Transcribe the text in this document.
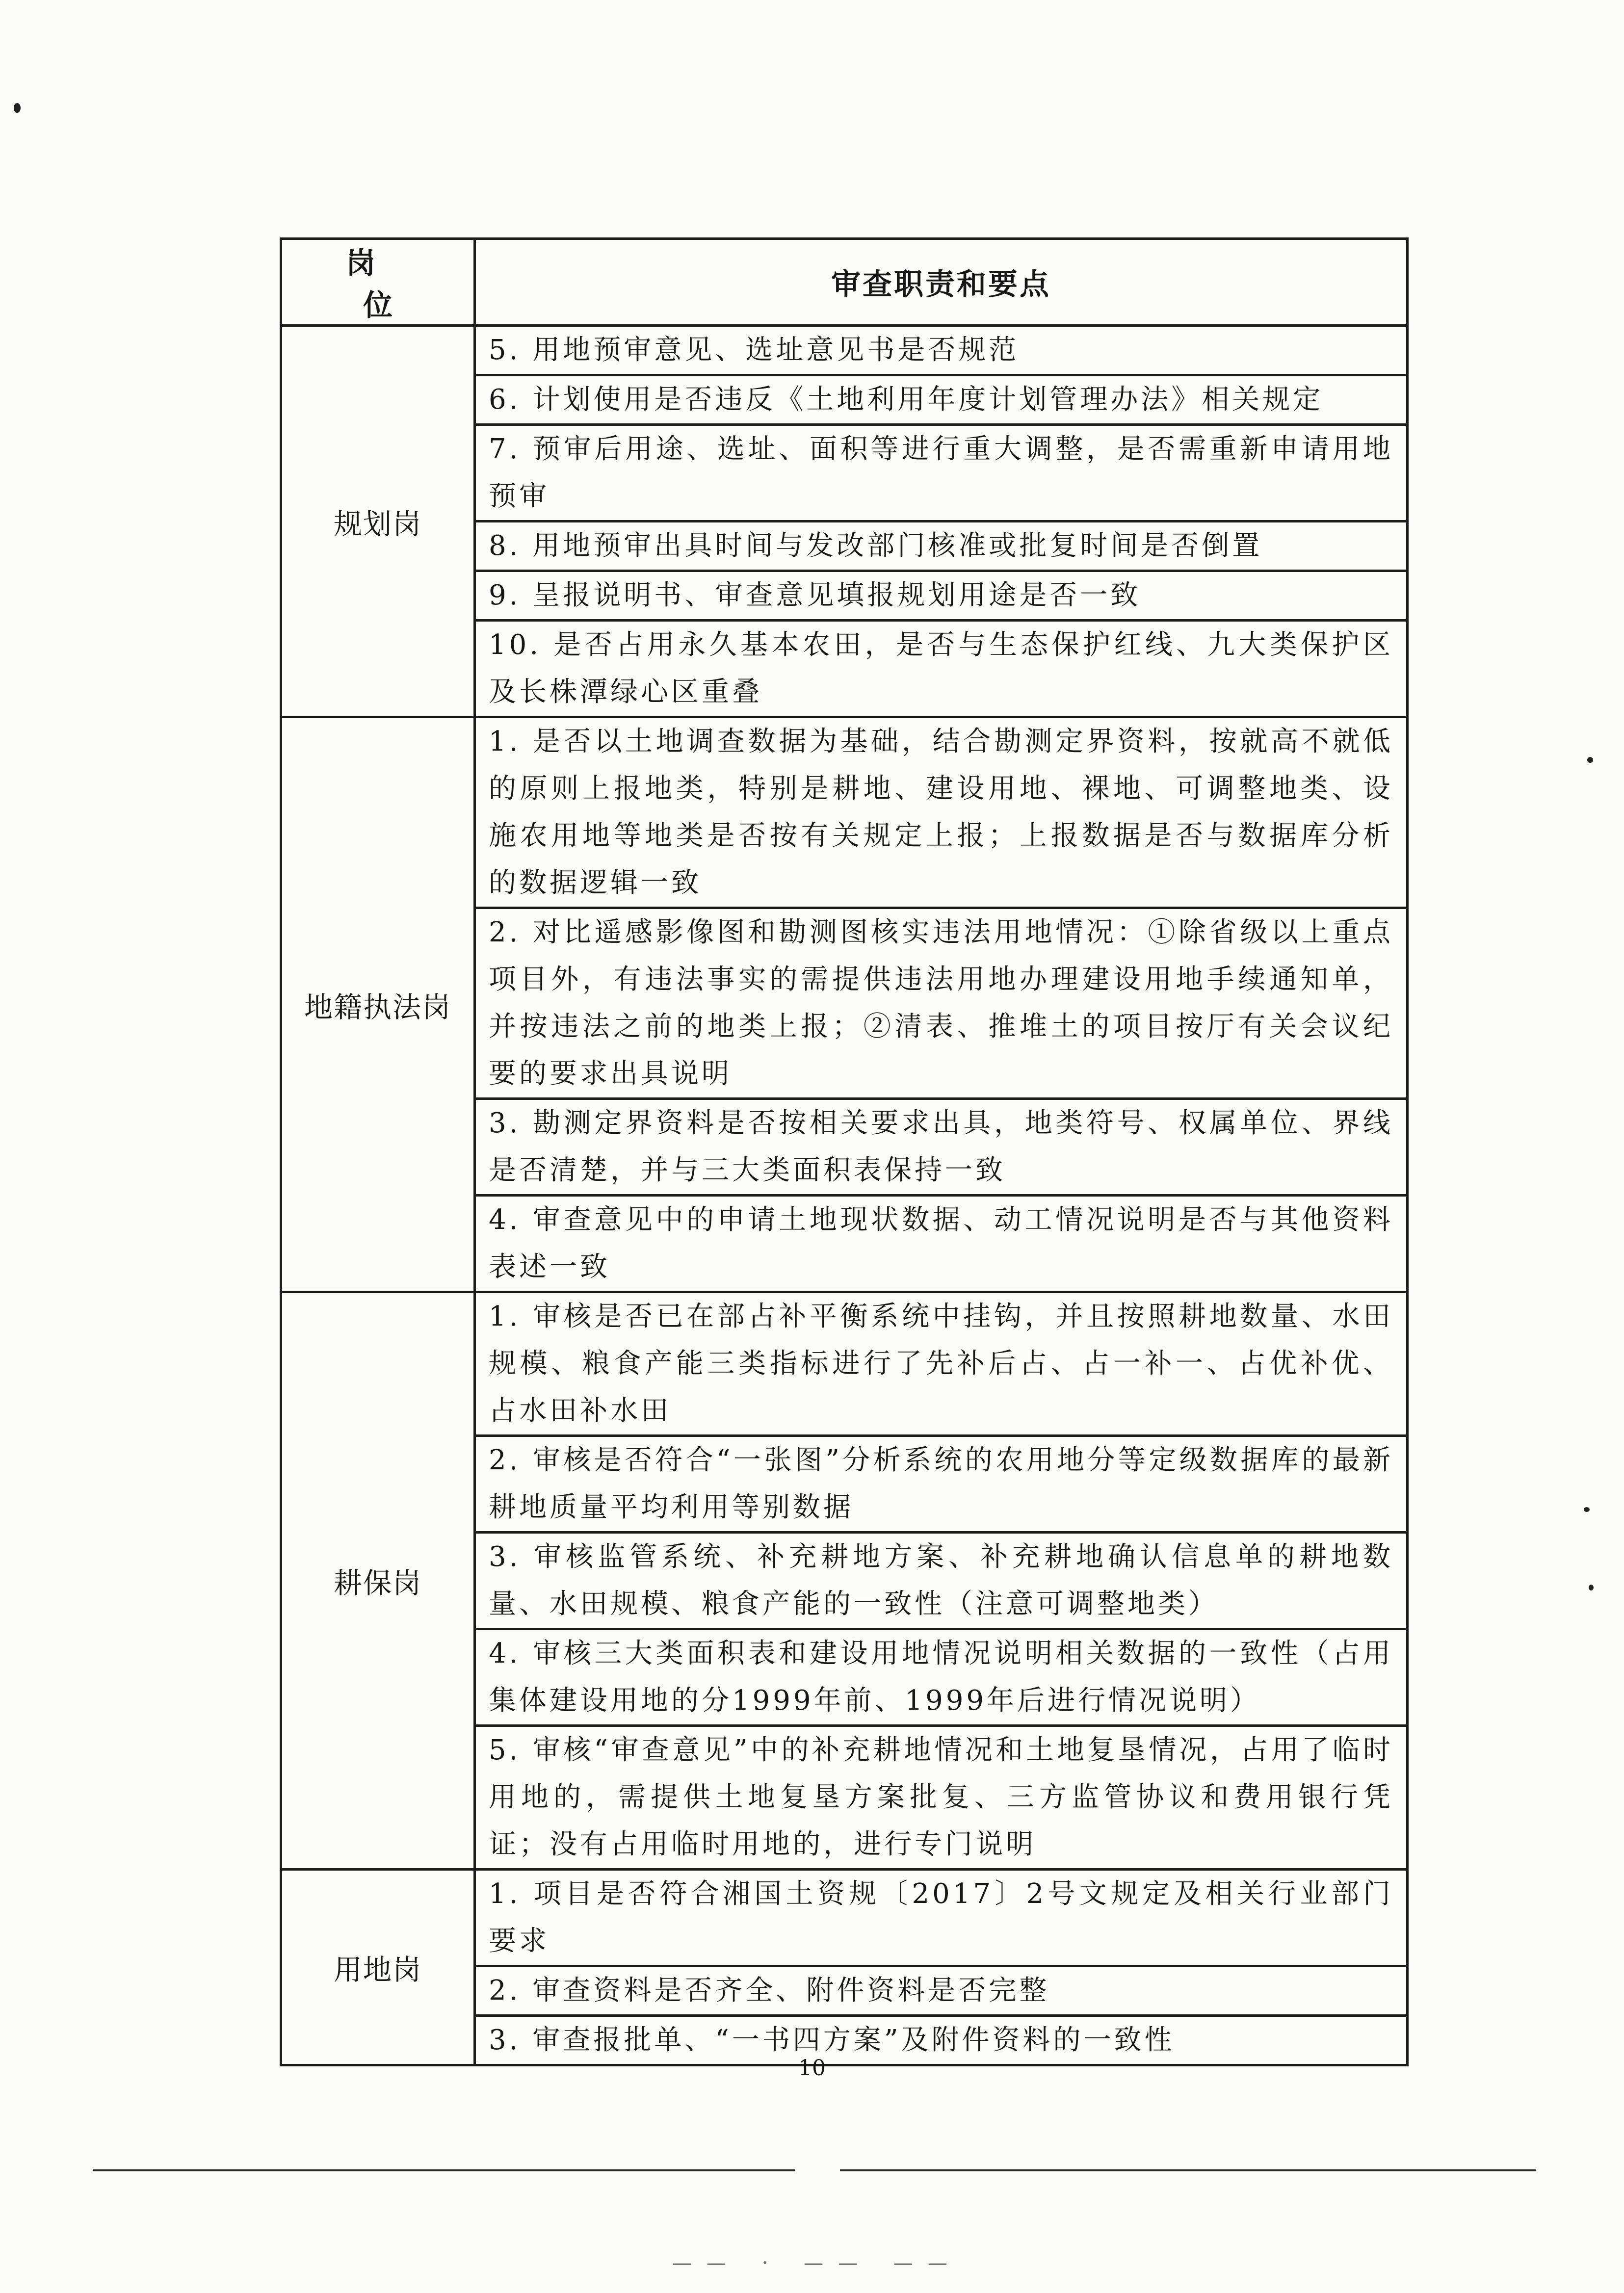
岗 位	审查职责和要点
规划岗	5. 用地预审意见、选址意见书是否规范
	6. 计划使用是否违反《土地利用年度计划管理办法》相关规定
	7. 预审后用途、选址、面积等进行重大调整，是否需重新申请用地预审
	8. 用地预审出具时间与发改部门核准或批复时间是否倒置
	9. 呈报说明书、审查意见填报规划用途是否一致
	10. 是否占用永久基本农田，是否与生态保护红线、九大类保护区及长株潭绿心区重叠
地籍执法岗	1. 是否以土地调查数据为基础，结合勘测定界资料，按就高不就低的原则上报地类，特别是耕地、建设用地、裸地、可调整地类、设施农用地等地类是否按有关规定上报；上报数据是否与数据库分析的数据逻辑一致
	2. 对比遥感影像图和勘测图核实违法用地情况：①除省级以上重点项目外，有违法事实的需提供违法用地办理建设用地手续通知单，并按违法之前的地类上报；②清表、推堆土的项目按厅有关会议纪要的要求出具说明
	3. 勘测定界资料是否按相关要求出具，地类符号、权属单位、界线是否清楚，并与三大类面积表保持一致
	4. 审查意见中的申请土地现状数据、动工情况说明是否与其他资料表述一致
耕保岗	1. 审核是否已在部占补平衡系统中挂钩，并且按照耕地数量、水田规模、粮食产能三类指标进行了先补后占、占一补一、占优补优、占水田补水田
	2. 审核是否符合“一张图”分析系统的农用地分等定级数据库的最新耕地质量平均利用等别数据
	3. 审核监管系统、补充耕地方案、补充耕地确认信息单的耕地数量、水田规模、粮食产能的一致性（注意可调整地类）
	4. 审核三大类面积表和建设用地情况说明相关数据的一致性（占用集体建设用地的分1999年前、1999年后进行情况说明）
	5. 审核“审查意见”中的补充耕地情况和土地复垦情况，占用了临时用地的，需提供土地复垦方案批复、三方监管协议和费用银行凭证；没有占用临时用地的，进行专门说明
用地岗	1. 项目是否符合湘国土资规〔2017〕2号文规定及相关行业部门要求
	2. 审查资料是否齐全、附件资料是否完整
	3. 审查报批单、“一书四方案”及附件资料的一致性
10
—— · —— ——
